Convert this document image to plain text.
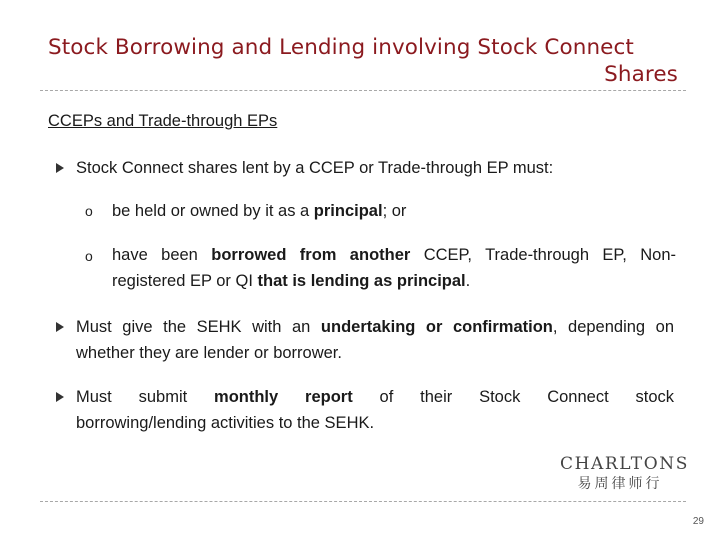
Stock Borrowing and Lending involving Stock Connect
Shares
CCEPs and Trade-through EPs
Stock Connect shares lent by a CCEP or Trade-through EP must:
o be held or owned by it as a principal; or
o have been borrowed from another CCEP, Trade-through EP, Non-
registered EP or QI that is lending as principal.
Must give the SEHK with an undertaking or confirmation, depending on
whether they are lender or borrower.
Must submit monthly report of their Stock Connect stock
borrowing/lending activities to the SEHK.
CHARLTONS
易周律师行
29
